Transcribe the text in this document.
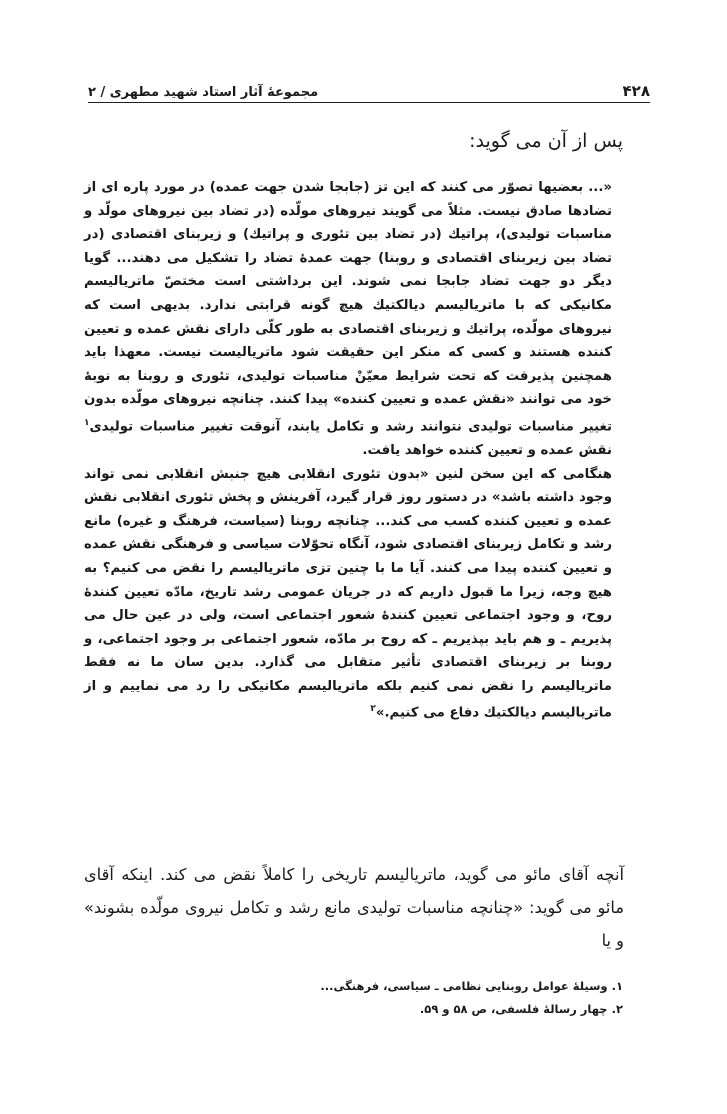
۴۲۸
مجموعهٔ آثار استاد شهید مطهری / ۲
پس از آن می گوید:

«... بعضیها تصوّر می کنند که این تز (جابجا شدن جهت عمده) در مورد پاره ای از تضادها صادق نیست. مثلاً می گویند نیروهای مولّده (در تضاد بین نیروهای مولّد و مناسبات تولیدی)، پراتیك (در تضاد بین تئوری و پراتیك) و زیربنای اقتصادی (در تضاد بین زیربنای اقتصادی و روبنا) جهت عمدهٔ تضاد را تشکیل می دهند... گویا دیگر دو جهت تضاد جابجا نمی شوند. این برداشتی است مختصّ ماتریالیسم مکانیکی که با ماتریالیسم دیالکتیك هیچ گونه قرابتی ندارد. بدیهی است که نیروهای مولّده، پراتیك و زیربنای اقتصادی به طور کلّی دارای نقش عمده و تعیین کننده هستند و کسی که منکر این حقیقت شود ماتریالیست نیست. معهذا باید همچنین پذیرفت که تحت شرایط معیّنْ مناسبات تولیدی، تئوری و روبنا به نوبهٔ خود می توانند «نقش عمده و تعیین کننده» پیدا کنند. چنانچه نیروهای مولّده بدون تغییر مناسبات تولیدی نتوانند رشد و تکامل یابند، آنوقت تغییر مناسبات تولیدی$^۱$ نقش عمده و تعیین کننده خواهد یافت.

هنگامی که این سخن لنین «بدون تئوری انقلابی هیچ جنبش انقلابی نمی تواند وجود داشته باشد» در دستور روز قرار گیرد، آفرینش و پخش تئوری انقلابی نقش عمده و تعیین کننده کسب می کند... چنانچه روبنا (سیاست، فرهنگ و غیره) مانع رشد و تکامل زیربنای اقتصادی شود، آنگاه تحوّلات سیاسی و فرهنگی نقش عمده و تعیین کننده پیدا می کنند. آیا ما با چنین تزی ماتریالیسم را نقض می کنیم؟ به هیچ وجه، زیرا ما قبول داریم که در جریان عمومی رشد تاریخ، مادّه تعیین کنندهٔ روح، و وجود اجتماعی تعیین کنندهٔ شعور اجتماعی است، ولی در عین حال می پذیریم ـ و هم باید بپذیریم ـ که روح بر مادّه، شعور اجتماعی بر وجود اجتماعی، و روبنا بر زیربنای اقتصادی تأثیر متقابل می گذارد. بدین سان ما نه فقط ماتریالیسم را نقض نمی کنیم بلکه ماتریالیسم مکانیکی را رد می نماییم و از ماتریالیسم دیالکتیك دفاع می کنیم.»$^۲$

آنچه آقای مائو می گوید، ماتریالیسم تاریخی را کاملاً نقض می کند. اینکه آقای مائو می گوید: «چنانچه مناسبات تولیدی مانع رشد و تکامل نیروی مولّده بشوند» و یا

۱. وسیلهٔ عوامل روبنایی نظامی ـ سیاسی، فرهنگی...
۲. چهار رسالهٔ فلسفی، ص ۵۸ و ۵۹.
